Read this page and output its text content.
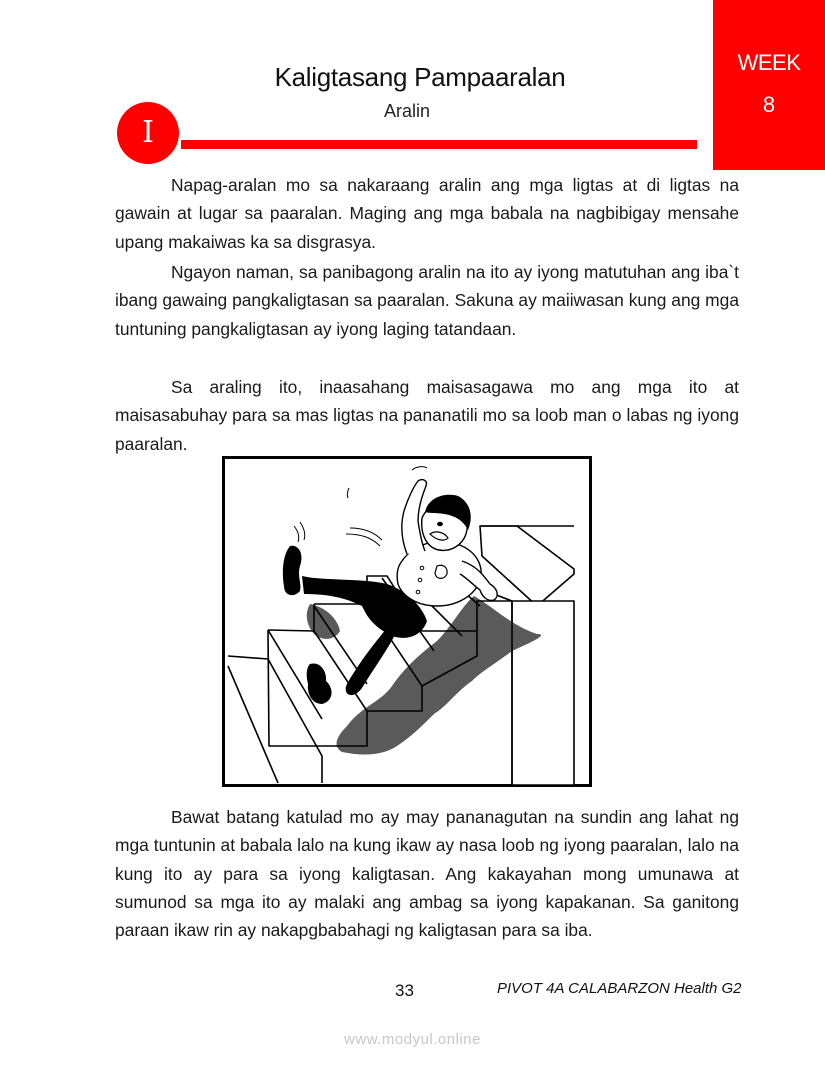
WEEK
8
Kaligtasang Pampaaralan
Aralin
I

Napag-aralan mo sa nakaraang aralin ang mga ligtas at di ligtas na gawain at lugar sa paaralan. Maging ang mga babala na nagbibigay mensahe upang makaiwas ka sa disgrasya.

Ngayon naman, sa panibagong aralin na ito ay iyong matutuhan ang iba`t ibang gawaing pangkaligtasan sa paaralan. Sakuna ay maiiwasan kung ang mga tuntuning pangkaligtasan ay iyong laging tatandaan.

Sa araling ito, inaasahang maisasagawa mo ang mga ito at maisasabuhay para sa mas ligtas na pananatili mo sa loob man o labas ng iyong paaralan.

Bawat batang katulad mo ay may pananagutan na sundin ang lahat ng mga tuntunin at babala lalo na kung ikaw ay nasa loob ng iyong paaralan, lalo na kung ito ay para sa iyong kaligtasan. Ang kakayahan mong umunawa at sumunod sa mga ito ay malaki ang ambag sa iyong kapakanan. Sa ganitong paraan ikaw rin ay nakapgbabahagi ng kaligtasan para sa iba.

33	PIVOT 4A CALABARZON Health G2
www.modyul.online
